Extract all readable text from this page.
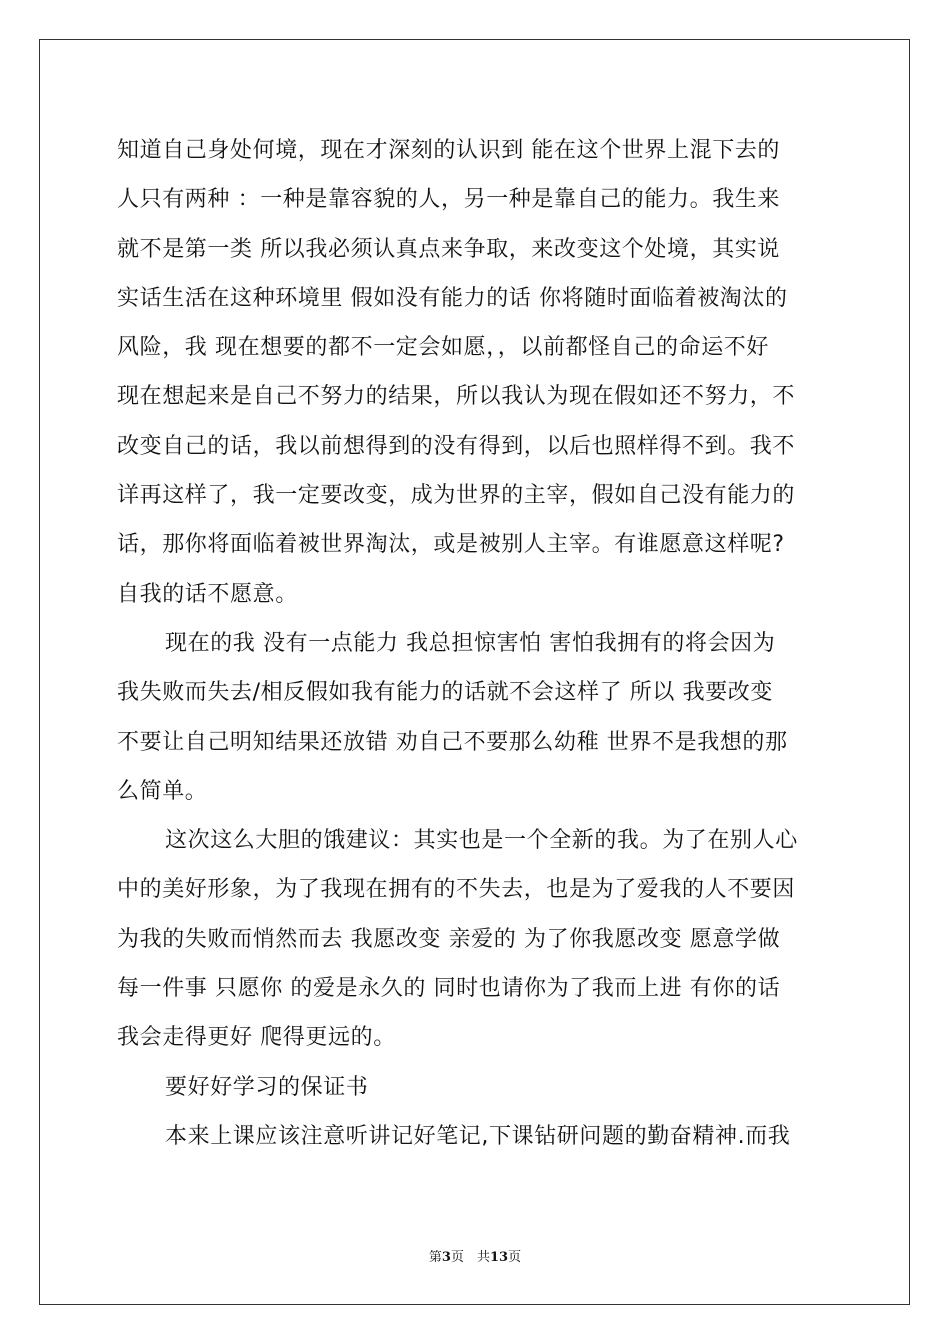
知道自己身处何境，现在才深刻的认识到 能在这个世界上混下去的
人只有两种 ：一种是靠容貌的人，另一种是靠自己的能力。我生来
就不是第一类 所以我必须认真点来争取，来改变这个处境，其实说
实话生活在这种环境里 假如没有能力的话 你将随时面临着被淘汰的
风险，我 现在想要的都不一定会如愿，，以前都怪自己的命运不好
现在想起来是自己不努力的结果，所以我认为现在假如还不努力，不
改变自己的话，我以前想得到的没有得到，以后也照样得不到。我不
详再这样了，我一定要改变，成为世界的主宰，假如自己没有能力的
话，那你将面临着被世界淘汰，或是被别人主宰。有谁愿意这样呢?
自我的话不愿意。
现在的我 没有一点能力 我总担惊害怕 害怕我拥有的将会因为
我失败而失去/相反假如我有能力的话就不会这样了 所以 我要改变
不要让自己明知结果还放错 劝自己不要那么幼稚 世界不是我想的那
么简单。
这次这么大胆的饿建议：其实也是一个全新的我。为了在别人心
中的美好形象，为了我现在拥有的不失去，也是为了爱我的人不要因
为我的失败而悄然而去 我愿改变 亲爱的 为了你我愿改变 愿意学做
每一件事 只愿你 的爱是永久的 同时也请你为了我而上进 有你的话
我会走得更好 爬得更远的。
要好好学习的保证书
本来上课应该注意听讲记好笔记,下课钻研问题的勤奋精神.而我
第3页　共13页
